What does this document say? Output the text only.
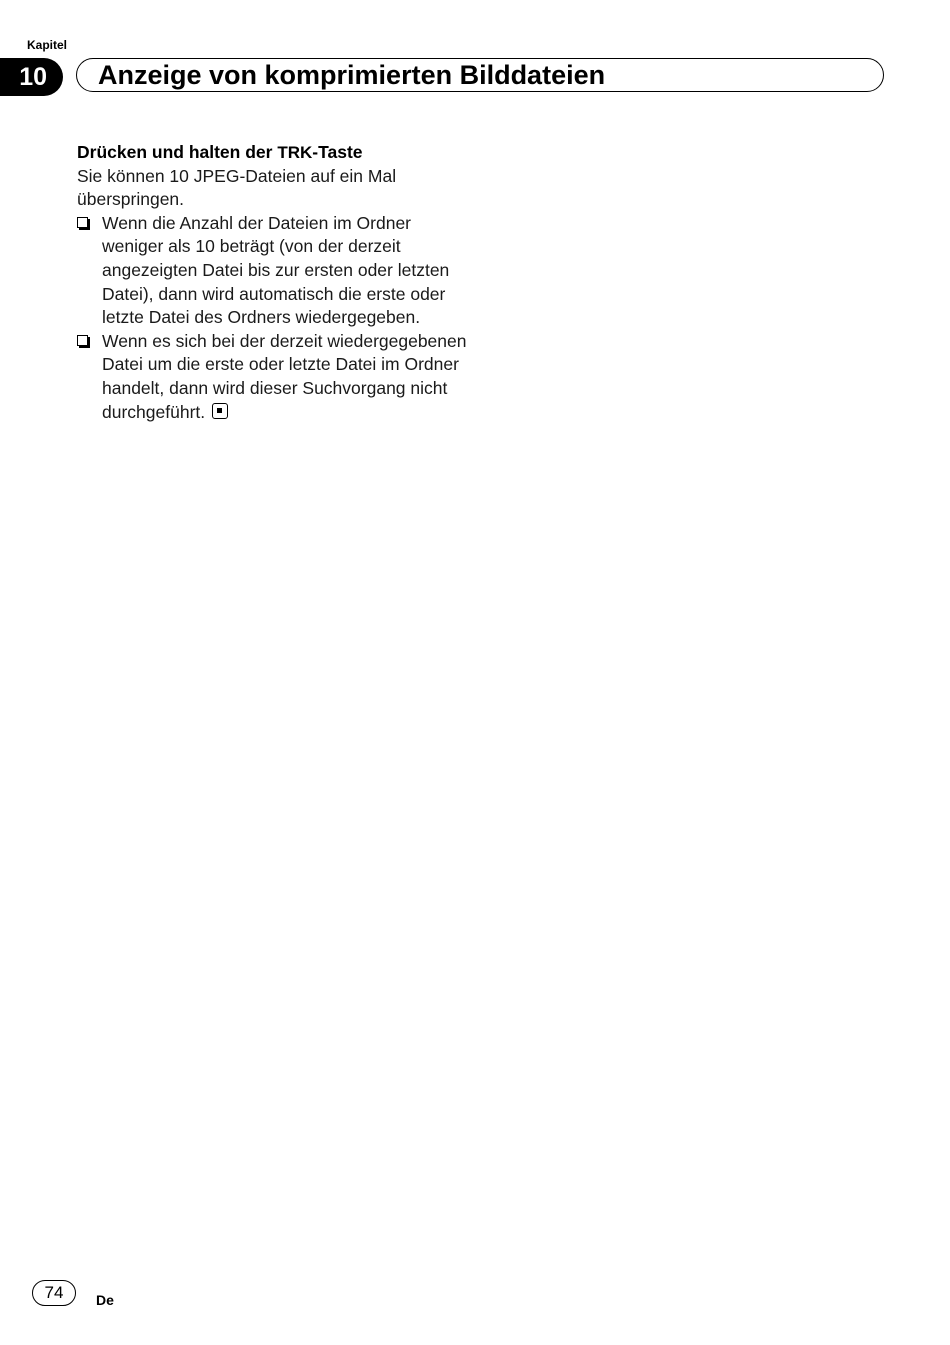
Kapitel
10 Anzeige von komprimierten Bilddateien

Drücken und halten der TRK-Taste

Sie können 10 JPEG-Dateien auf ein Mal überspringen.

Wenn die Anzahl der Dateien im Ordner weniger als 10 beträgt (von der derzeit angezeigten Datei bis zur ersten oder letzten Datei), dann wird automatisch die erste oder letzte Datei des Ordners wiedergegeben.

Wenn es sich bei der derzeit wiedergegebenen Datei um die erste oder letzte Datei im Ordner handelt, dann wird dieser Suchvorgang nicht durchgeführt.

74	De
